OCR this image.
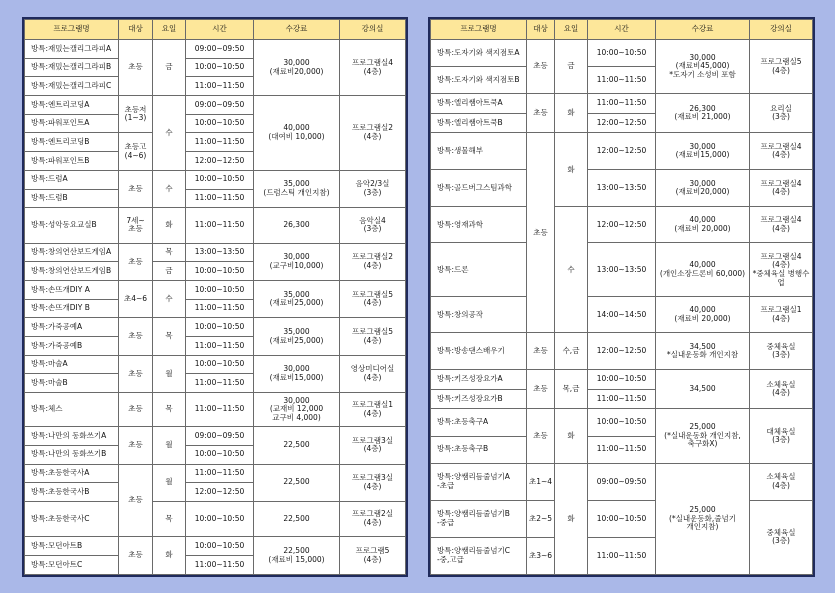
프로그램명	대상	요일	시간	수강료	강의실
방특:재밌는캘리그라피A	초등	금	09:00~09:50	30,000
(재료비20,000)	프로그램실4
(4층)
방특:재밌는캘리그라피B			10:00~10:50		
방특:재밌는캘리그라피C			11:00~11:50		
방특:엔트리코딩A	초등저
(1~3)	수	09:00~09:50	40,000
(대여비 10,000)	프로그램실2
(4층)
방특:파워포인트A			10:00~10:50		
방특:엔트리코딩B	초등고
(4~6)		11:00~11:50		
방특:파워포인트B			12:00~12:50		
방특:드럼A	초등	수	10:00~10:50	35,000
(드럼스틱 개인지참)	음악2/3실
(3층)
방특:드럼B			11:00~11:50		
방특:성악동요교실B	7세~
초등	화	11:00~11:50	26,300	음악실4
(3층)
방특:창의연산보드게임A	초등	목	13:00~13:50	30,000
(교구비10,000)	프로그램실2
(4층)
방특:창의연산보드게임B		금	10:00~10:50		
방특:손뜨개DIY A	초4~6	수	10:00~10:50	35,000
(재료비25,000)	프로그램실5
(4층)
방특:손뜨개DIY B			11:00~11:50		
방특:가죽공예A	초등	목	10:00~10:50	35,000
(재료비25,000)	프로그램실5
(4층)
방특:가죽공예B			11:00~11:50		
방특:마술A	초등	월	10:00~10:50	30,000
(재료비15,000)	영상미디어실
(4층)
방특:마술B			11:00~11:50		
방특:체스	초등	목	11:00~11:50	30,000
(교재비 12,000
교구비 4,000)	프로그램실1
(4층)
방특:나만의 동화쓰기A	초등	월	09:00~09:50	22,500	프로그램3실
(4층)
방특:나만의 동화쓰기B			10:00~10:50		
방특:초등한국사A	초등	월	11:00~11:50	22,500	프로그램3실
(4층)
방특:초등한국사B			12:00~12:50		
방특:초등한국사C		목	10:00~10:50	22,500	프로그램2실
(4층)
방특:모던아트B	초등	화	10:00~10:50	22,500
(재료비 15,000)	프로그램5
(4층)
방특:모던아트C			11:00~11:50		
프로그램명	대상	요일	시간	수강료	강의실
방특:도자기와 색지점토A	초등	금	10:00~10:50	30,000
(재료비45,000)
*도자기 소성비 포함	프로그램실5
(4층)
방특:도자기와 색지점토B			11:00~11:50		
방특:엘리쌤아트쿡A	초등	화	11:00~11:50	26,300
(재료비 21,000)	요리실
(3층)
방특:엘리쌤아트쿡B			12:00~12:50		
방특:생물해부	초등	화	12:00~12:50	30,000
(재료비15,000)	프로그램실4
(4층)
방특:골드버그스팀과학			13:00~13:50	30,000
(재료비20,000)	프로그램실4
(4층)
방특:영재과학		수	12:00~12:50	40,000
(재료비 20,000)	프로그램실4
(4층)
방특:드론			13:00~13:50	40,000
(개인소장드론비 60,000)	프로그램실4
(4층)
*중체육실 병행수업
방특:창의공작			14:00~14:50	40,000
(재료비 20,000)	프로그램실1
(4층)
방특:방송댄스배우기	초등	수,금	12:00~12:50	34,500
*실내운동화 개인지참	중체육실
(3층)
방특:키즈성장요가A	초등	목,금	10:00~10:50	34,500	소체육실
(4층)
방특:키즈성장요가B			11:00~11:50		
방특:초등축구A	초등	화	10:00~10:50	25,000
(*실내운동화 개인지참,
축구화X)	대체육실
(3층)
방특:초등축구B			11:00~11:50		
방특:양쌤리듬줄넘기A
-초급	초1~4	화	09:00~09:50	25,000
(*실내운동화,줄넘기
개인지참)	소체육실
(4층)
방특:양쌤리듬줄넘기B
-중급	초2~5		10:00~10:50		중체육실
(3층)
방특:양쌤리듬줄넘기C
-중,고급	초3~6		11:00~11:50		
